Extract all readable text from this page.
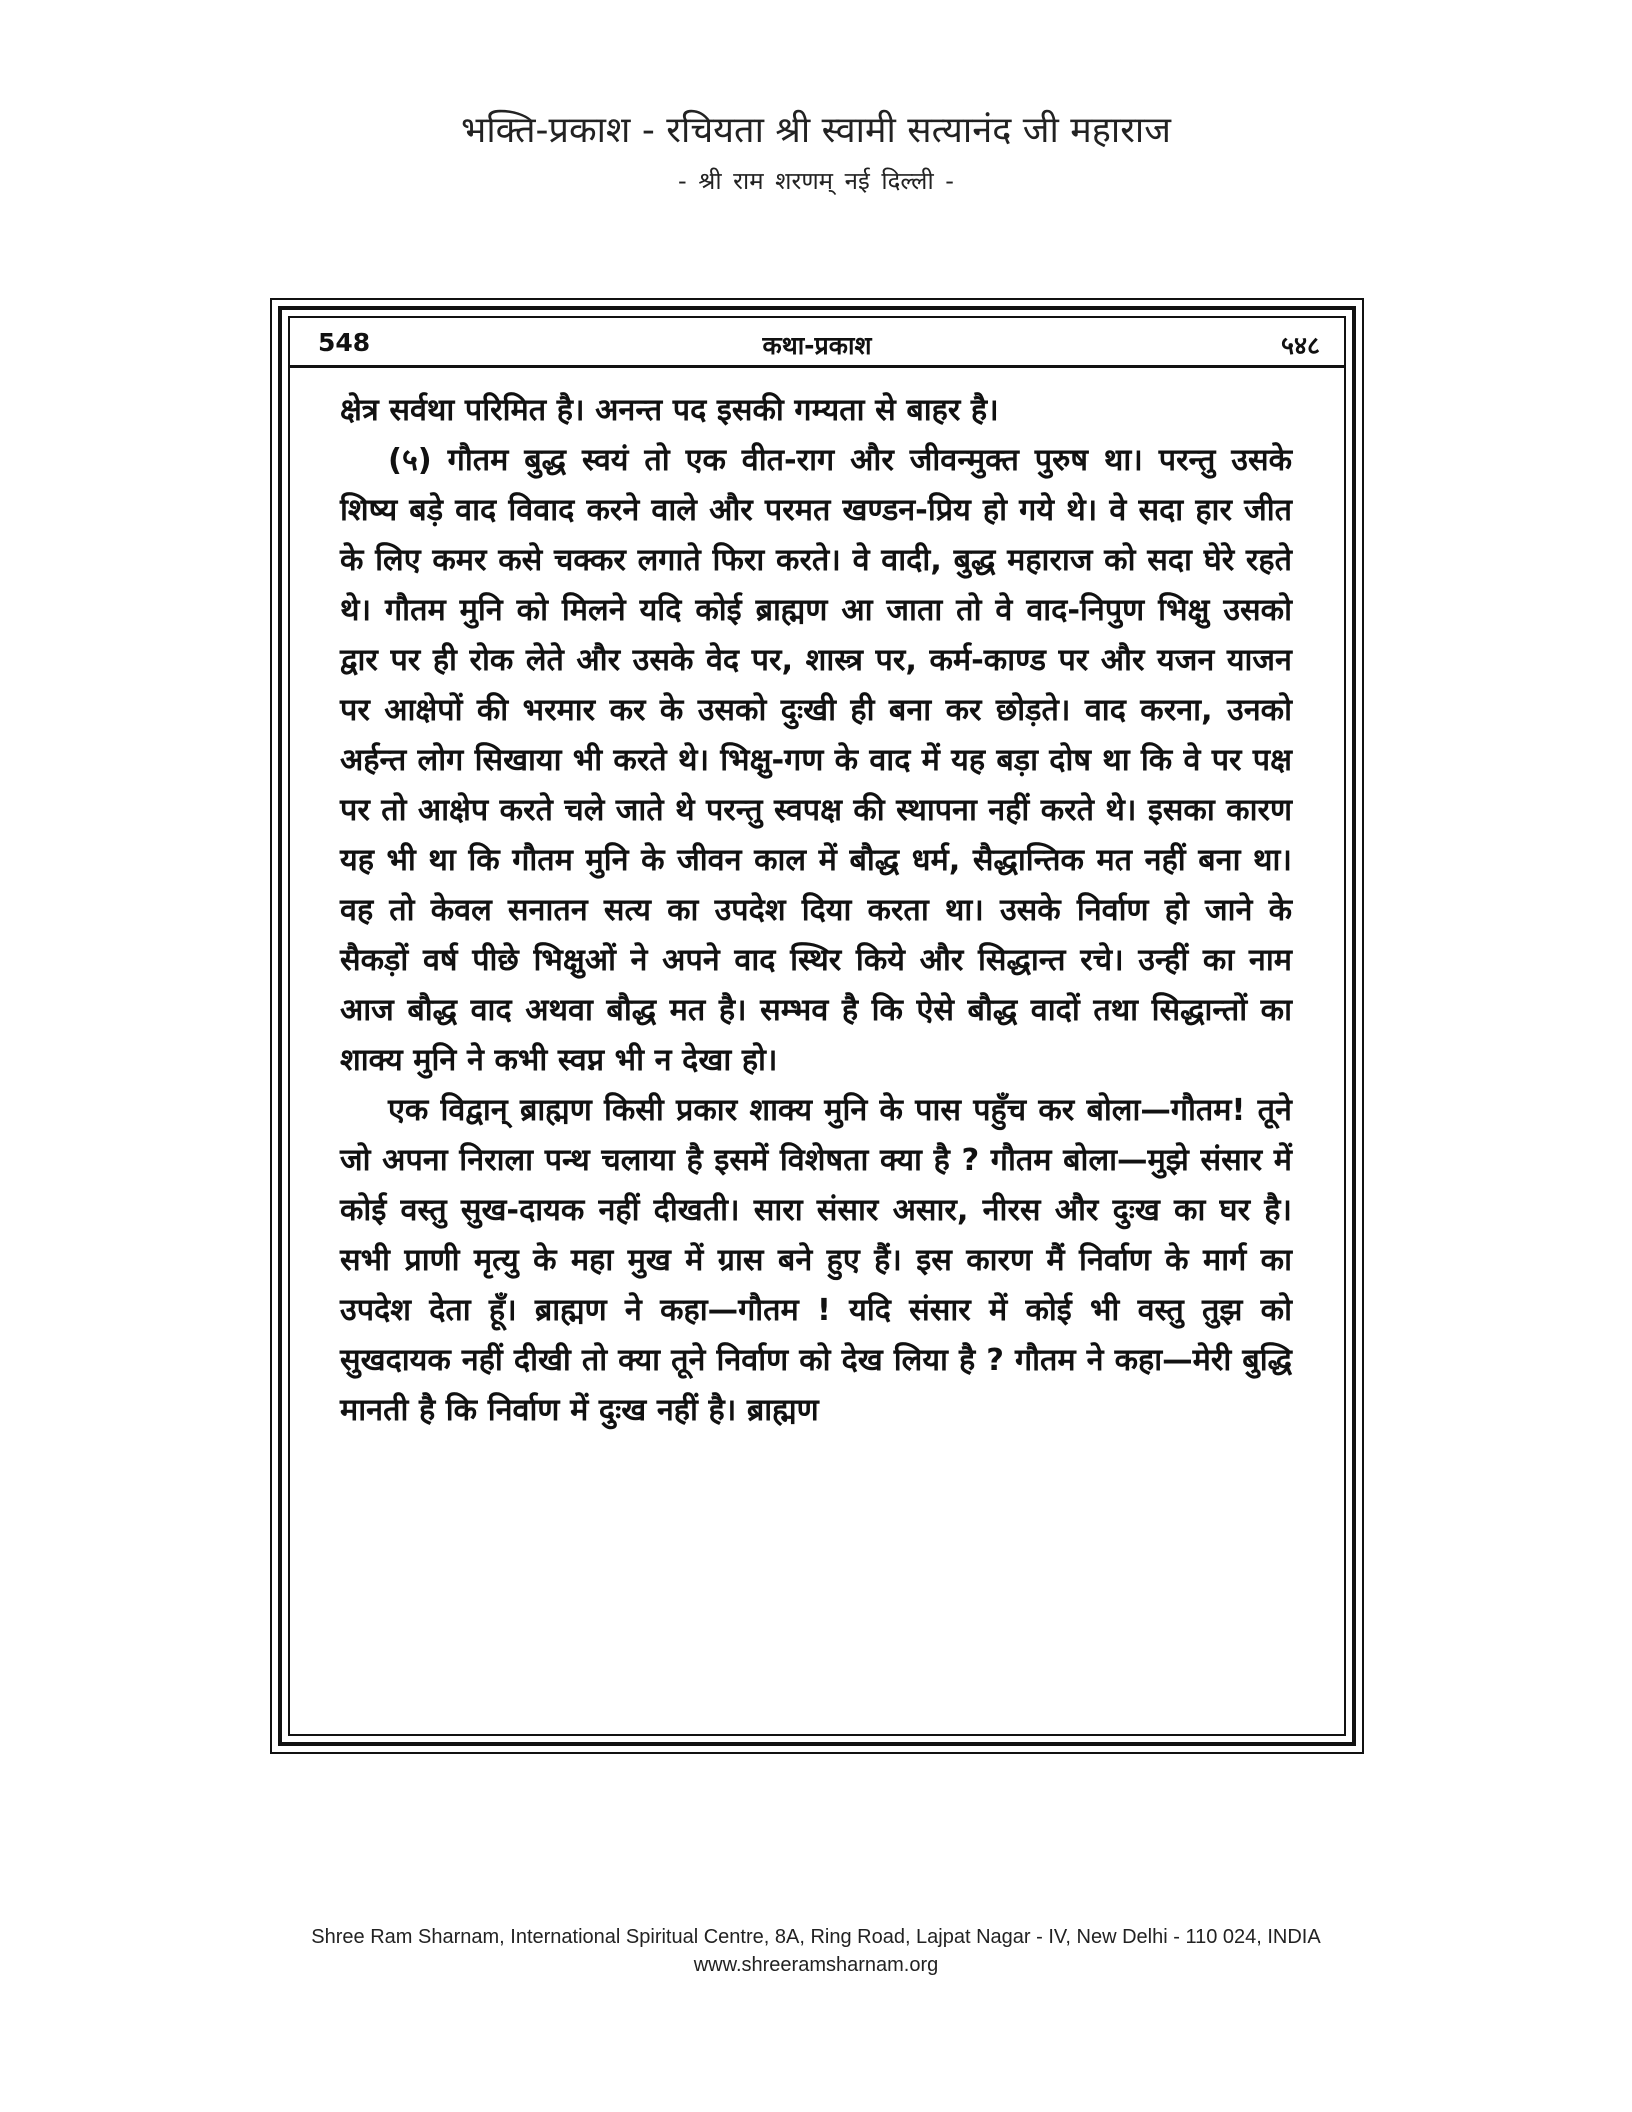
भक्ति-प्रकाश - रचियता श्री स्वामी सत्यानंद जी महाराज
- श्री राम शरणम् नई दिल्ली -
548	कथा-प्रकाश	५४८

क्षेत्र सर्वथा परिमित है। अनन्त पद इसकी गम्यता से बाहर है।

(५) गौतम बुद्ध स्वयं तो एक वीत-राग और जीवन्मुक्त पुरुष था। परन्तु उसके शिष्य बड़े वाद विवाद करने वाले और परमत खण्डन-प्रिय हो गये थे। वे सदा हार जीत के लिए कमर कसे चक्कर लगाते फिरा करते। वे वादी, बुद्ध महाराज को सदा घेरे रहते थे। गौतम मुनि को मिलने यदि कोई ब्राह्मण आ जाता तो वे वाद-निपुण भिक्षु उसको द्वार पर ही रोक लेते और उसके वेद पर, शास्त्र पर, कर्म-काण्ड पर और यजन याजन पर आक्षेपों की भरमार कर के उसको दुःखी ही बना कर छोड़ते। वाद करना, उनको अर्हन्त लोग सिखाया भी करते थे। भिक्षु-गण के वाद में यह बड़ा दोष था कि वे पर पक्ष पर तो आक्षेप करते चले जाते थे परन्तु स्वपक्ष की स्थापना नहीं करते थे। इसका कारण यह भी था कि गौतम मुनि के जीवन काल में बौद्ध धर्म, सैद्धान्तिक मत नहीं बना था। वह तो केवल सनातन सत्य का उपदेश दिया करता था। उसके निर्वाण हो जाने के सैकड़ों वर्ष पीछे भिक्षुओं ने अपने वाद स्थिर किये और सिद्धान्त रचे। उन्हीं का नाम आज बौद्ध वाद अथवा बौद्ध मत है। सम्भव है कि ऐसे बौद्ध वादों तथा सिद्धान्तों का शाक्य मुनि ने कभी स्वप्न भी न देखा हो।

एक विद्वान् ब्राह्मण किसी प्रकार शाक्य मुनि के पास पहुँच कर बोला—गौतम! तूने जो अपना निराला पन्थ चलाया है इसमें विशेषता क्या है ? गौतम बोला—मुझे संसार में कोई वस्तु सुख-दायक नहीं दीखती। सारा संसार असार, नीरस और दुःख का घर है। सभी प्राणी मृत्यु के महा मुख में ग्रास बने हुए हैं। इस कारण मैं निर्वाण के मार्ग का उपदेश देता हूँ। ब्राह्मण ने कहा—गौतम ! यदि संसार में कोई भी वस्तु तुझ को सुखदायक नहीं दीखी तो क्या तूने निर्वाण को देख लिया है ? गौतम ने कहा—मेरी बुद्धि मानती है कि निर्वाण में दुःख नहीं है। ब्राह्मण

Shree Ram Sharnam, International Spiritual Centre, 8A, Ring Road, Lajpat Nagar - IV, New Delhi - 110 024, INDIA
www.shreeramsharnam.org
